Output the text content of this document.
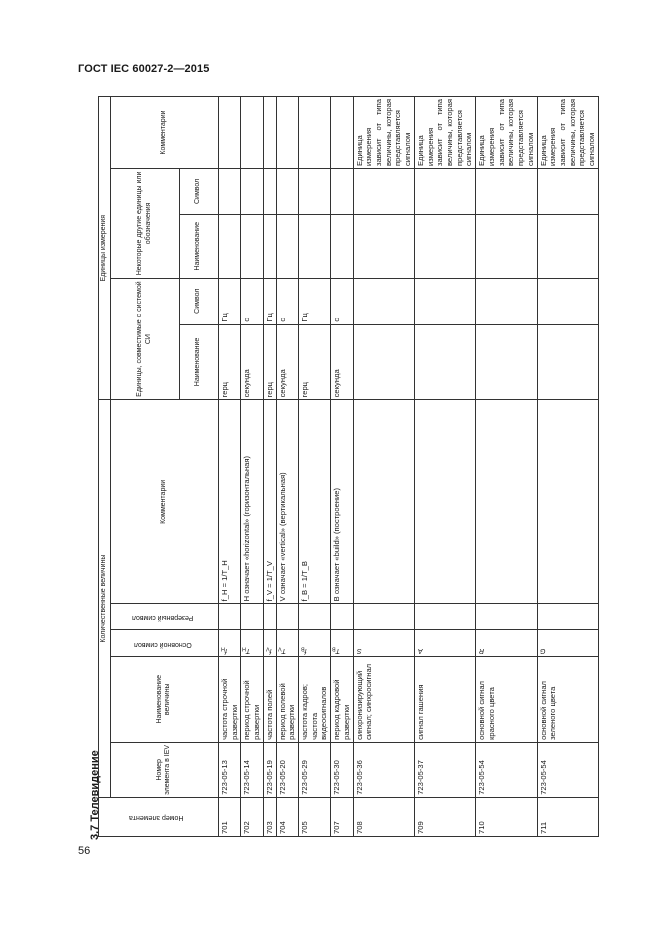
ГОСТ IEC 60027-2—2015
3.7 Телевидение
56
Номер элемента	Количественные величины					Единицы измерения				
	Номер элемента в IEV	Наименование величины	Основной символ	Резервный символ	Комментарии	Единицы, совместимые с системой СИ		Некоторые другие единицы или обозначения		Комментарии
						Наименование	Символ	Наименование	Символ	
701	723-05-13	частота строчной развертки	$f_H$		f_H = 1/T_H	герц	Гц			
702	723-05-14	период строчной развертки	$T_H$		H означает «horizontal» (горизонтальная)	секунда	с			
703	723-05-19	частота полей	$f_V$		f_V = 1/T_V	герц	Гц			
704	723-05-20	период полевой развертки	$T_V$		V означает «vertical» (вертикальная)	секунда	с			
705	723-05-29	частота кадров; частота видеосигналов	$f_B$		f_B = 1/T_B	герц	Гц			
707	723-05-30	период кадровой развертки	$T_B$		B означает «build» (построение)	секунда	с			
708	723-05-36	синхронизирующий сигнал; синхросигнал	S							Единица измерения зависит от типа величины, которая представляется сигналом
709	723-05-37	сигнал гашения	A							Единица измерения зависит от типа величины, которая представляется сигналом
710	723-05-54	основной сигнал красного цвета	R							Единица измерения зависит от типа величины, которая представляется сигналом
711	723-05-54	основной сигнал зеленого цвета	G							Единица измерения зависит от типа величины, которая представляется сигналом
